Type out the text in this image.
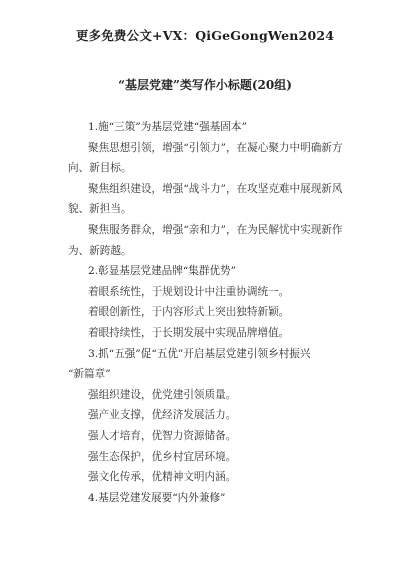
更多免费公文+VX：QiGeGongWen2024
“基层党建”类写作小标题(20组)

1.施“三策”为基层党建“强基固本”

聚焦思想引领，增强“引领力”，在凝心聚力中明确新方向、新目标。

聚焦组织建设，增强“战斗力”，在攻坚克难中展现新风貌、新担当。

聚焦服务群众，增强“亲和力”，在为民解忧中实现新作为、新跨越。

2.彰显基层党建品牌“集群优势”

着眼系统性，于规划设计中注重协调统一。

着眼创新性，于内容形式上突出独特新颖。

着眼持续性，于长期发展中实现品牌增值。

3.抓“五强”促“五优”开启基层党建引领乡村振兴

“新篇章”

强组织建设，优党建引领质量。

强产业支撑，优经济发展活力。

强人才培育，优智力资源储备。

强生态保护，优乡村宜居环境。

强文化传承，优精神文明内涵。

4.基层党建发展要“内外兼修”
